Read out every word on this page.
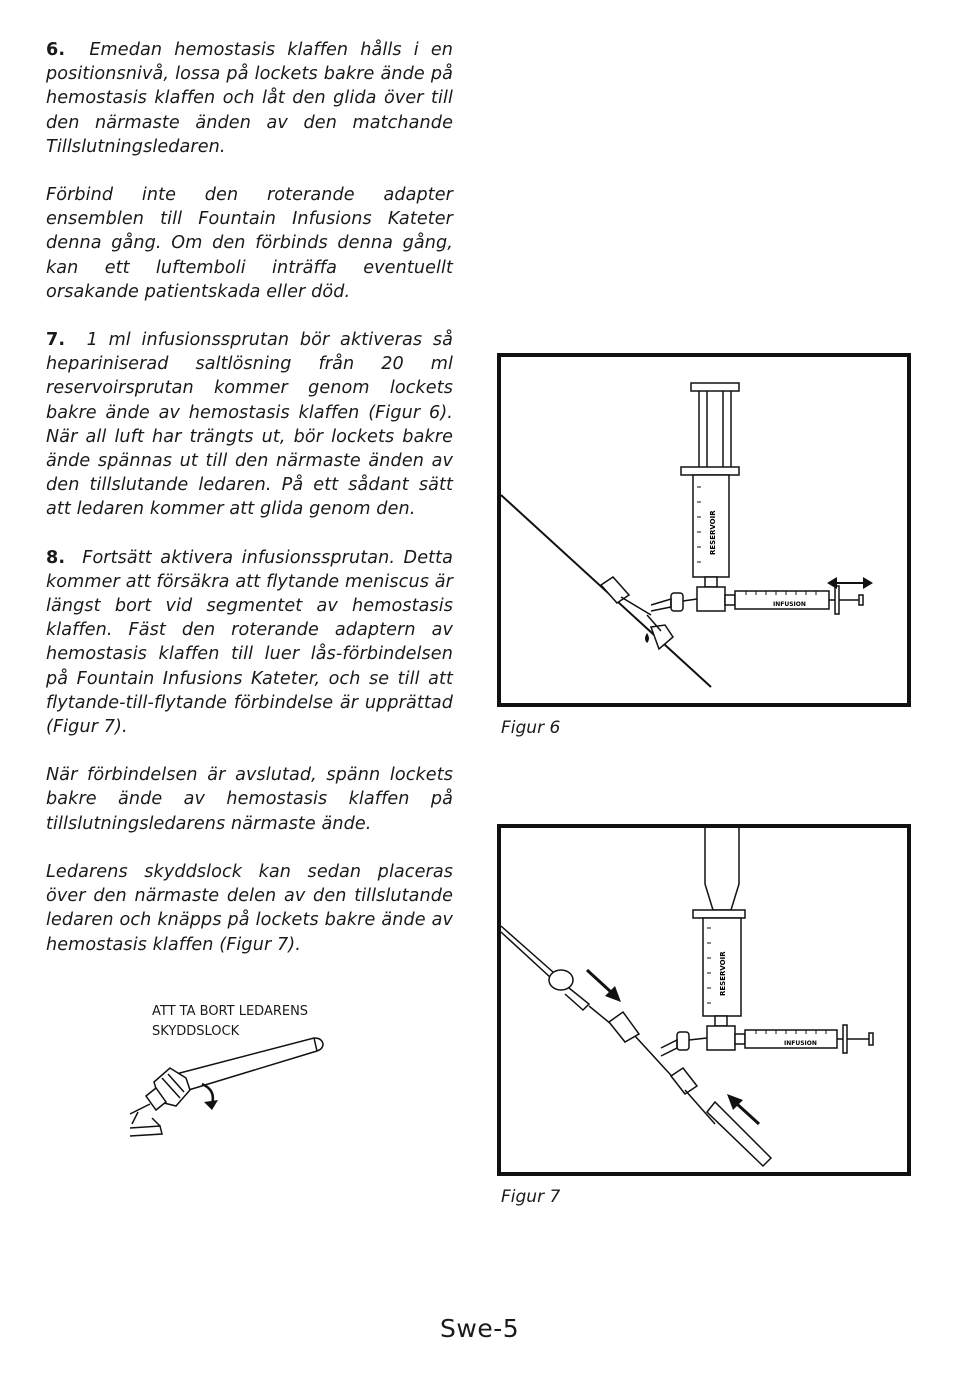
6. Emedan hemostasis klaffen hålls i en positionsnivå, lossa på lockets bakre ände på hemostasis klaffen och låt den glida över till den närmaste änden av den matchande Tillslutningsledaren.

Förbind inte den roterande adapter ensemblen till Fountain Infusions Kateter denna gång. Om den förbinds denna gång, kan ett luftemboli inträffa eventuellt orsakande patientskada eller död.

7. 1 ml infusionssprutan bör aktiveras så hepariniserad saltlösning från 20 ml reservoirsprutan kommer genom lockets bakre ände av hemostasis klaffen (Figur 6). När all luft har trängts ut, bör lockets bakre ände spännas ut till den närmaste änden av den tillslutande ledaren. På ett sådant sätt att ledaren kommer att glida genom den.

8. Fortsätt aktivera infusionssprutan. Detta kommer att försäkra att flytande meniscus är längst bort vid segmentet av hemostasis klaffen. Fäst den roterande adaptern av hemostasis klaffen till luer lås-förbindelsen på Fountain Infusions Kateter, och se till att flytande-till-flytande förbindelse är upprättad (Figur 7).

När förbindelsen är avslutad, spänn lockets bakre ände av hemostasis klaffen på tillslutningsledarens närmaste ände.

Ledarens skyddslock kan sedan placeras över den närmaste delen av den tillslutande ledaren och knäpps på lockets bakre ände av hemostasis klaffen (Figur 7).

ATT TA BORT LEDARENS
SKYDDSLOCK
RESERVOIR
INFUSION
Figur 6
RESERVOIR
INFUSION
Figur 7
Swe-5
